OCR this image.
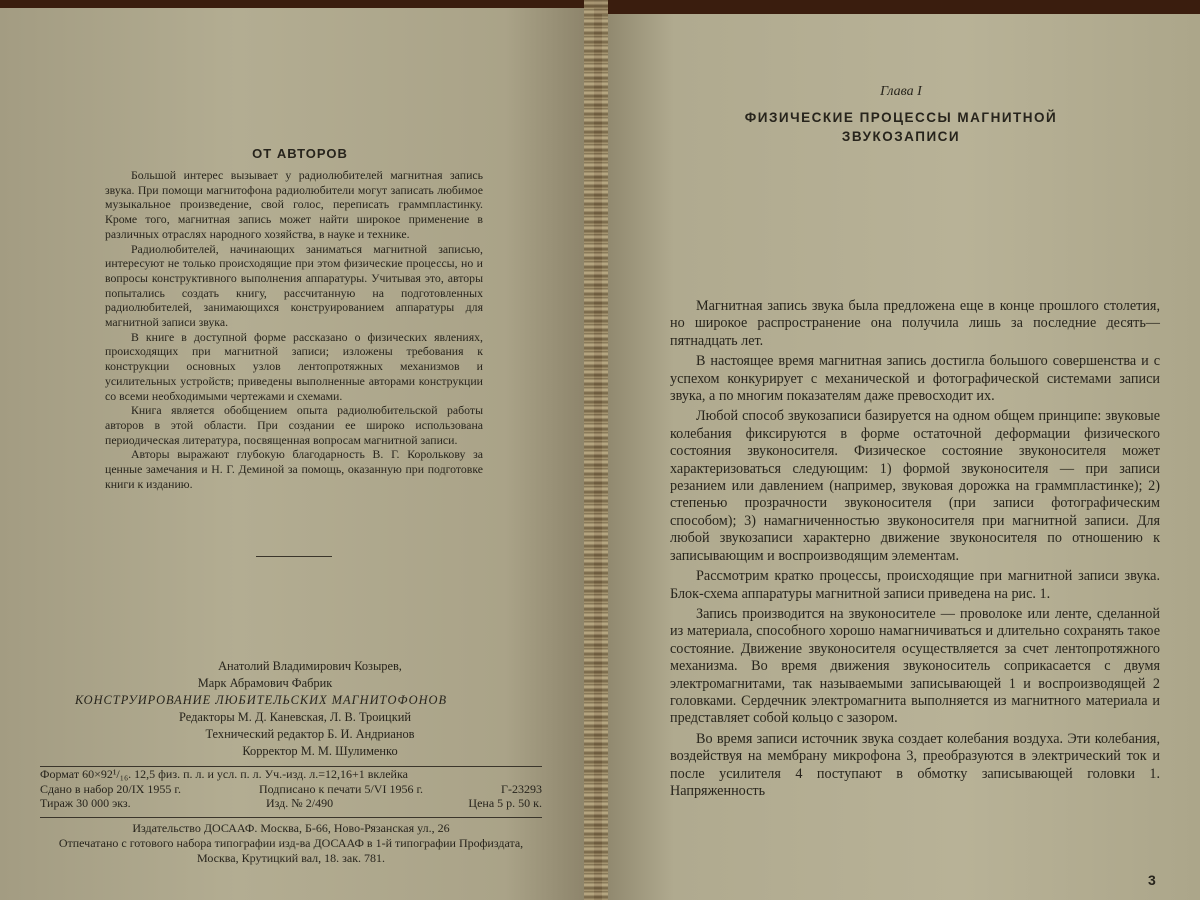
ОТ АВТОРОВ

Большой интерес вызывает у радиолюбителей магнитная запись звука. При помощи магнитофона радиолюбители могут записать любимое музыкальное произведение, свой голос, переписать граммпластинку. Кроме того, магнитная запись может найти широкое применение в различных отраслях народного хозяйства, в науке и технике.

Радиолюбителей, начинающих заниматься магнитной записью, интересуют не только происходящие при этом физические процессы, но и вопросы конструктивного выполнения аппаратуры. Учитывая это, авторы попытались создать книгу, рассчитанную на подготовленных радиолюбителей, занимающихся конструированием аппаратуры для магнитной записи звука.

В книге в доступной форме рассказано о физических явлениях, происходящих при магнитной записи; изложены требования к конструкции основных узлов лентопротяжных механизмов и усилительных устройств; приведены выполненные авторами конструкции со всеми необходимыми чертежами и схемами.

Книга является обобщением опыта радиолюбительской работы авторов в этой области. При создании ее широко использована периодическая литература, посвященная вопросам магнитной записи.

Авторы выражают глубокую благодарность В. Г. Королькову за ценные замечания и Н. Г. Деминой за помощь, оказанную при подготовке книги к изданию.

Анатолий Владимирович Козырев,
Марк Абрамович Фабрик
КОНСТРУИРОВАНИЕ ЛЮБИТЕЛЬСКИХ МАГНИТОФОНОВ
Редакторы М. Д. Каневская, Л. В. Троицкий
Технический редактор Б. И. Андрианов
Корректор М. М. Шулименко
Формат 60×92¹/₁₆. 12,5 физ. п. л. и усл. п. л. Уч.-изд. л.=12,16+1 вклейка
Сдано в набор 20/IX 1955 г.	Подписано к печати 5/VI 1956 г.	Г-23293
Тираж 30 000 экз.	Изд. № 2/490	Цена 5 р. 50 к.
Издательство ДОСААФ. Москва, Б-66, Ново-Рязанская ул., 26
Отпечатано с готового набора типографии изд-ва ДОСААФ в 1-й типографии Профиздата, Москва, Крутицкий вал, 18. зак. 781.
Глава I
ФИЗИЧЕСКИЕ ПРОЦЕССЫ МАГНИТНОЙ
ЗВУКОЗАПИСИ

Магнитная запись звука была предложена еще в конце прошлого столетия, но широкое распространение она получила лишь за последние десять—пятнадцать лет.

В настоящее время магнитная запись достигла большого совершенства и с успехом конкурирует с механической и фотографической системами записи звука, а по многим показателям даже превосходит их.

Любой способ звукозаписи базируется на одном общем принципе: звуковые колебания фиксируются в форме остаточной деформации физического состояния звуконосителя. Физическое состояние звуконосителя может характеризоваться следующим: 1) формой звуконосителя — при записи резанием или давлением (например, звуковая дорожка на граммпластинке); 2) степенью прозрачности звуконосителя (при записи фотографическим способом); 3) намагниченностью звуконосителя при магнитной записи. Для любой звукозаписи характерно движение звуконосителя по отношению к записывающим и воспроизводящим элементам.

Рассмотрим кратко процессы, происходящие при магнитной записи звука. Блок-схема аппаратуры магнитной записи приведена на рис. 1.

Запись производится на звуконосителе — проволоке или ленте, сделанной из материала, способного хорошо намагничиваться и длительно сохранять такое состояние. Движение звуконосителя осуществляется за счет лентопротяжного механизма. Во время движения звуконоситель соприкасается с двумя электромагнитами, так называемыми записывающей 1 и воспроизводящей 2 головками. Сердечник электромагнита выполняется из магнитного материала и представляет собой кольцо с зазором.

Во время записи источник звука создает колебания воздуха. Эти колебания, воздействуя на мембрану микрофона 3, преобразуются в электрический ток и после усилителя 4 поступают в обмотку записывающей головки 1. Напряженность

3
